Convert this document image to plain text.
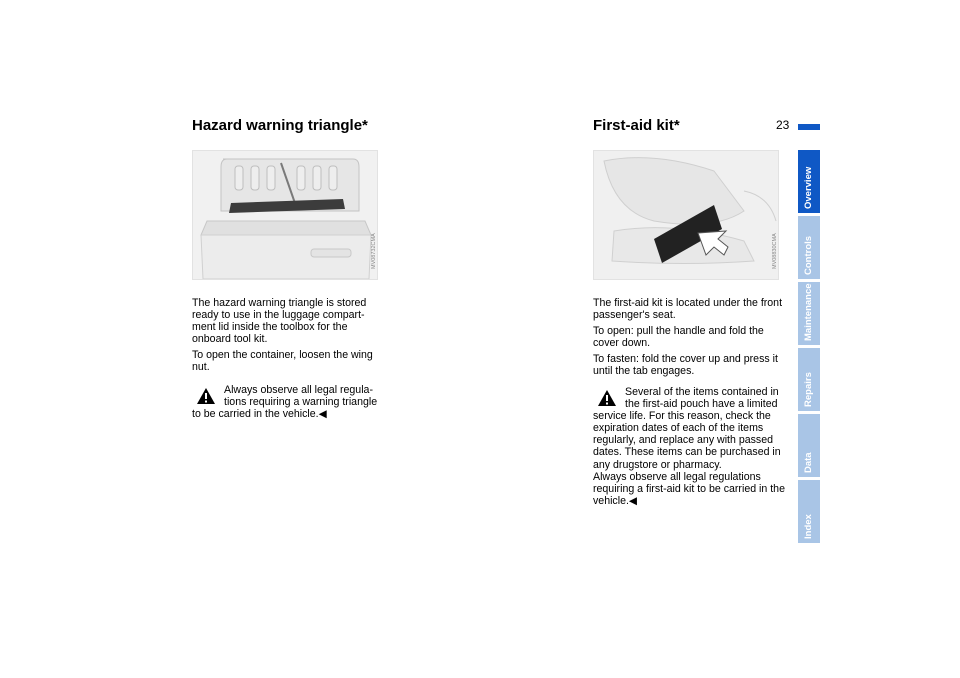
23
Overview
Controls
Maintenance
Repairs
Data
Index
Hazard warning triangle*
MV08732CMA

The hazard warning triangle is stored ready to use in the luggage compart-ment lid inside the toolbox for the onboard tool kit.

To open the container, loosen the wing nut.

Always observe all legal regula-tions requiring a warning triangle to be carried in the vehicle.◀
First-aid kit*
MV08830CMA

The first-aid kit is located under the front passenger's seat.

To open: pull the handle and fold the cover down.

To fasten: fold the cover up and press it until the tab engages.

Several of the items contained in the first-aid pouch have a limited service life. For this reason, check the expiration dates of each of the items regularly, and replace any with passed dates. These items can be purchased in any drugstore or pharmacy.
Always observe all legal regulations requiring a first-aid kit to be carried in the vehicle.◀
